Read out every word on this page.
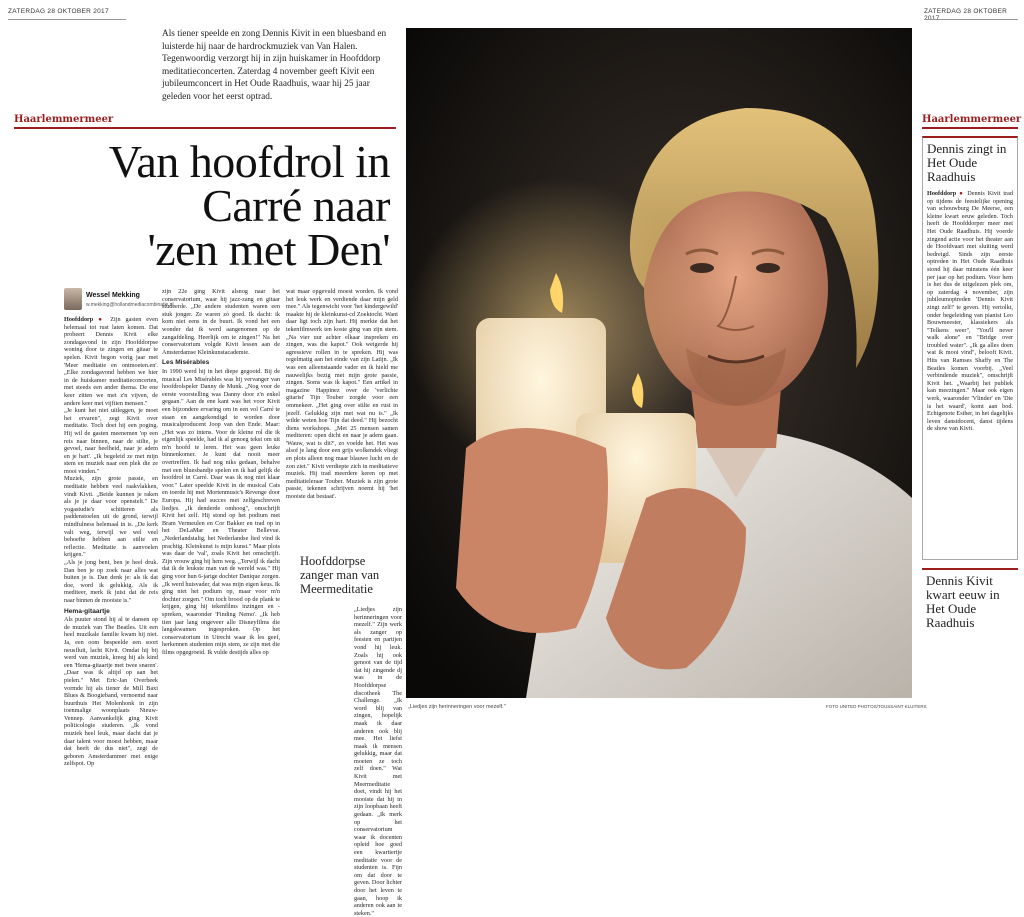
ZATERDAG 28 OKTOBER 2017	ZATERDAG 28 OKTOBER
Als tiener speelde en zong Dennis Kivit in een bluesband en luisterde hij naar de hardrockmuziek van Van Halen. Tegenwoordig verzorgt hij in zijn huiskamer in Hoofddorp meditatieconcerten. Zaterdag 4 november geeft Kivit een jubileumconcert in Het Oude Raadhuis, waar hij 25 jaar geleden voor het eerst optrad.
Haarlemmermeer	Haarlemmermeer
Van hoofdrol in
Carré naar
'zen met Den'
Wessel Mekking
w.mekking@hollandmediacombinatie.nl

Hoofddorp ● Zijn gasten even helemaal tot rust laten komen. Dat probeert Dennis Kivit elke zondagavond in zijn Hoofddorpse woning door te zingen en gitaar te spelen. Kivit begon vorig jaar met 'Meer meditatie en ontmoeten.en'. „Elke zondagavond hebben we hier in de huiskamer meditatieconcerten, met steeds een ander thema. De ene keer zitten we met z'n vijven, de andere keer met vijftien mensen."

„Je kunt het niet uitleggen, je moet het ervaren", zegt Kivit over meditatie. Toch doet hij een poging. Hij wil de gasten meenemen 'op een reis naar binnen, naar de stilte, je gevoel, naar heelheid, naar je adem en je hart'. „Ik begeleid ze met mijn stem en muziek naar een plek die ze mooi vinden."

Muziek, zijn grote passie, en meditatie hebben veel raakvlakken, vindt Kivit. „Beide kunnen je raken als je je daar voor openstelt." De yogastudie's schitteren als paddenstoelen uit de grond, terwijl mindfulness helemaal in is. „De kerk valt weg, terwijl we wel veel behoefte hebben aan stilte en reflectie. Meditatie is aanvoelen krijgen."

„Als je jong bent, ben je heel druk. Dan ben je op zoek naar alles wat buiten je is. Dan denk je: als ik dat doe, word ik gelukkig. Als ik mediteer, merk ik juist dat de reis naar binnen de mooiste is."

Hema-gitaartje

Als puuter stond hij al te dansen op de muziek van The Beatles. Uit een heel muzikale familie kwam hij niet. Ja, een oom bespeelde een soort neusfluit, lacht Kivit. Omdat hij bij werd van muziek, kreeg hij als kind een 'Hema-gitaartje met twee snaren'. „Daar was ik altijd op aan het pielen." Met Eric-Jan Overbeek vormde hij als tiener de Mill Baxi Blues & Boogieband, vernoemd naar buurthuis Het Molenhonk in zijn toenmalige woonplaats Nieuw-Vennep. Aanvankelijk ging Kivit politicologie studeren. „Ik vond muziek heel leuk, maar dacht dat je daar talent voor moest hebben, maar dat heeft de dus niet", zegt de geboren Amsterdammer met enige zelfspot. Op

zijn 22e ging Kivit alsnog naar het conservatorium, waar hij jazz-zang en gitaar studeerde. „De andere studenten waren een stuk jonger. Ze waren zó goed. Ik dacht: ik kom niet eens in de buurt. Ik vond het een wonder dat ik werd aangenomen op de zangafdeling. Heerlijk om te zingen!" Na het conservatorium volgde Kivit lessen aan de Amsterdamse Kleinkunstacademie.

Les Misérables

In 1990 werd hij in het diepe gegooid. Bij de musical Les Misérables was hij vervanger van hoofdrolspeler Danny de Munk. „Nog voor de eerste voorstelling was Danny door z'n enkel gegaan." Aan de ene kant was het voor Kivit een bijzondere ervaring om in een vol Carré te staan en aangekondigd te worden door musicalproducent Joop van den Ende. Maar: „Het was zo intens. Voor de kleine rol die ik eigenlijk speelde, had ik al genoeg tekst om uit m'n hoofd te leren. Het was geen leuke binnenkomer. Je kunt dat nooit meer overtreffen. Ik had nog niks gedaan, behalve met een bluesbandje spelen en ik had gelijk de hoofdrol in Carré. Daar was ik nog niet klaar voor." Later speelde Kivit in de musical Cats en toerde hij met Mortenmusic's Revenge door Europa. Hij had succes met zelfgeschreven liedjes. „Ik denderde omhoog", omschrijft Kivit het zelf. Hij stond op het podium met Bram Vermeulen en Cor Bakker en trad op in het DeLaMar en Theater Bellevue. „Nederlandstalig, het Nederlandse lied vind ik prachtig. Kleinkunst is mijn kunst." Maar plots was daar de 'val', zoals Kivit het omschrijft. Zijn vrouw ging bij hem weg. „Terwijl ik dacht dat ik de leukste man van de wereld was." Hij ging voor hun 6-jarige dochter Danique zorgen. „Ik werd huisvader, dat was mijn eigen keus. Ik ging niet het podium op, maar voor m'n dochter zorgen." Om toch brood op de plank te krijgen, ging hij tekenfilms inzingen en -spreken, waaronder 'Finding Nemo'. „Ik heb tien jaar lang ongeveer alle Disneyfilms die langskwamen ingesproken. Op het conservatorium in Utrecht waar ik les geef, herkennen studenten mijn stem, ze zijn met die films opgegroeid. Ik vulde destijds alles op

wat maar opgevuld moest worden. Ik vond het leuk werk en verdiende daar mijn geld mee." Als tegenwicht voor 'het kindergewild' maakte hij de kleinkunst-cd Zoektocht. Want daar ligt toch zijn hart. Hij merkte dat het tekenfilmwerk ten koste ging van zijn stem. „Na vier uur achter elkaar inspreken en zingen, was die kapot." Ook weigerde hij agressieve rollen in te spreken. Hij was regelmatig aan het einde van zijn Latijn. „Ik was een alleenstaande vader en ik hield me nauwelijks bezig met mijn grote passie, zingen. Soms was ik kapot." Een artikel in magazine Happinez over de 'verlichte gitarist' Tijn Touber zorgde voor een ommekeer. „Het ging over stilte en rust in jezelf. Gelukkig zijn met wat nu is." „Ik wilde weten hoe Tijn dat deed." Hij bezocht diens workshops. „Met 25 mensen samen mediteren: open dicht en naar je adem gaan. 'Wauw, wat is dit?', zo voelde het. Het was alsof je lang door een grijs wolkendek vliegt en plots alleen nog maar blauwe lucht en de zon ziet." Kivit verdiepte zich in meditatieve muziek. Hij trad meerdere keren op met meditatieleraar Touber. Muziek is zijn grote passie, tekenen schrijven noemt hij 'het mooiste dat bestaat'.

Hoofddorpse zanger man van Meermeditatie

„Liedjes zijn herinneringen voor mezelf." Zijn werk als zanger op feesten en partijen vond hij leuk. Zoals hij ook genoot van de tijd dat hij zingende dj was in de Hoofddorpse discotheek The Challenge. „Ik word blij van zingen, hopelijk maak ik daar anderen ook blij mee. Het liefst maak ik mensen gelukkig, maar dat moeten ze toch zelf doen." Wat Kivit met Meermeditatie doet, vindt hij het mooiste dat hij in zijn loopbaan heeft gedaan. „Ik merk op het conservatorium waar ik docenten opleid hoe goed een kwartiertje meditatie voor de studenten is. Fijn om dat door te geven. Door lichter door het leven te gaan, hoop ik anderen ook aan te steken."

„Liedjes zijn herinneringen voor mezelf."	FOTO UNITED PHOTOS/TOUSSAINT KLUITERS
Dennis zingt in Het Oude Raadhuis
Hoofddorp ● Dennis Kivit trad op tijdens de feestelijke opening van schouwburg De Meerse, een kleine kwart eeuw geleden. Toch heeft de Hoofddorper meer met Het Oude Raadhuis. Hij voerde zingend actie voor het theater aan de Hoofdvaart met sluiting werd bedreigd. Sinds zijn eerste optreden in Het Oude Raadhuis stond hij daar minstens één keer per jaar op het podium. Voor hem is het dus de uitgelezen plek om, op zaterdag 4 november, zijn jubileumoptreden 'Dennis Kivit zingt zelf!' te geven. Hij vertolkt, onder begeleiding van pianist Leo Bouwmeester, klassiekers als "Telkens weer", "You'll never walk alone" en "Bridge over troubled water". „Ik ga alles doen wat ik mooi vind", belooft Kivit. Hits van Ramses Shaffy en The Beatles komen voorbij. „Veel verbindende muziek", omschrijft Kivit het. „Waarbij het publiek kan meezingen." Maar ook eigen werk, waaronder 'Vlinder' en 'Die is het waard', komt aan bod. Echtgenote Esther, in het dagelijks leven danstdocent, danst tijdens de show van Kivit.
Dennis Kivit kwart eeuw in Het Oude Raadhuis
